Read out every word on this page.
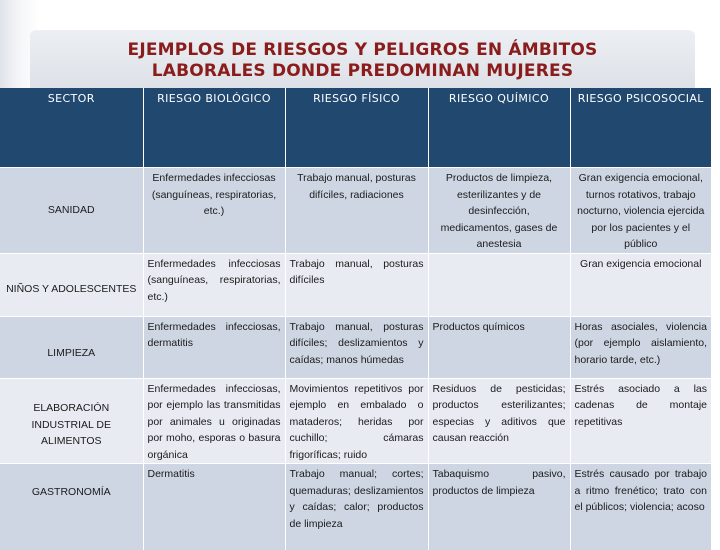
EJEMPLOS DE RIESGOS Y PELIGROS EN ÁMBITOS
LABORALES DONDE PREDOMINAN MUJERES
SECTOR	RIESGO BIOLÓGICO	RIESGO FÍSICO	RIESGO QUÍMICO	RIESGO PSICOSOCIAL
SANIDAD	Enfermedades infecciosas (sanguíneas, respiratorias, etc.)	Trabajo manual, posturas difíciles, radiaciones	Productos de limpieza, esterilizantes y de desinfección, medicamentos, gases de anestesia	Gran exigencia emocional, turnos rotativos, trabajo nocturno, violencia ejercida por los pacientes y el público
NIÑOS Y ADOLESCENTES	Enfermedades infecciosas (sanguíneas, respiratorias, etc.)	Trabajo manual, posturas difíciles		Gran exigencia emocional
LIMPIEZA	Enfermedades infecciosas, dermatitis	Trabajo manual, posturas difíciles; deslizamientos y caídas; manos húmedas	Productos químicos	Horas asociales, violencia (por ejemplo aislamiento, horario tarde, etc.)
ELABORACIÓN INDUSTRIAL DE ALIMENTOS	Enfermedades infecciosas, por ejemplo las transmitidas por animales u originadas por moho, esporas o basura orgánica	Movimientos repetitivos por ejemplo en embalado o mataderos; heridas por cuchillo; cámaras frigoríficas; ruido	Residuos de pesticidas; productos esterilizantes; especias y aditivos que causan reacción	Estrés asociado a las cadenas de montaje repetitivas
GASTRONOMÍA	Dermatitis	Trabajo manual; cortes; quemaduras; deslizamientos y caídas; calor; productos de limpieza	Tabaquismo pasivo, productos de limpieza	Estrés causado por trabajo a ritmo frenético; trato con el públicos; violencia; acoso
